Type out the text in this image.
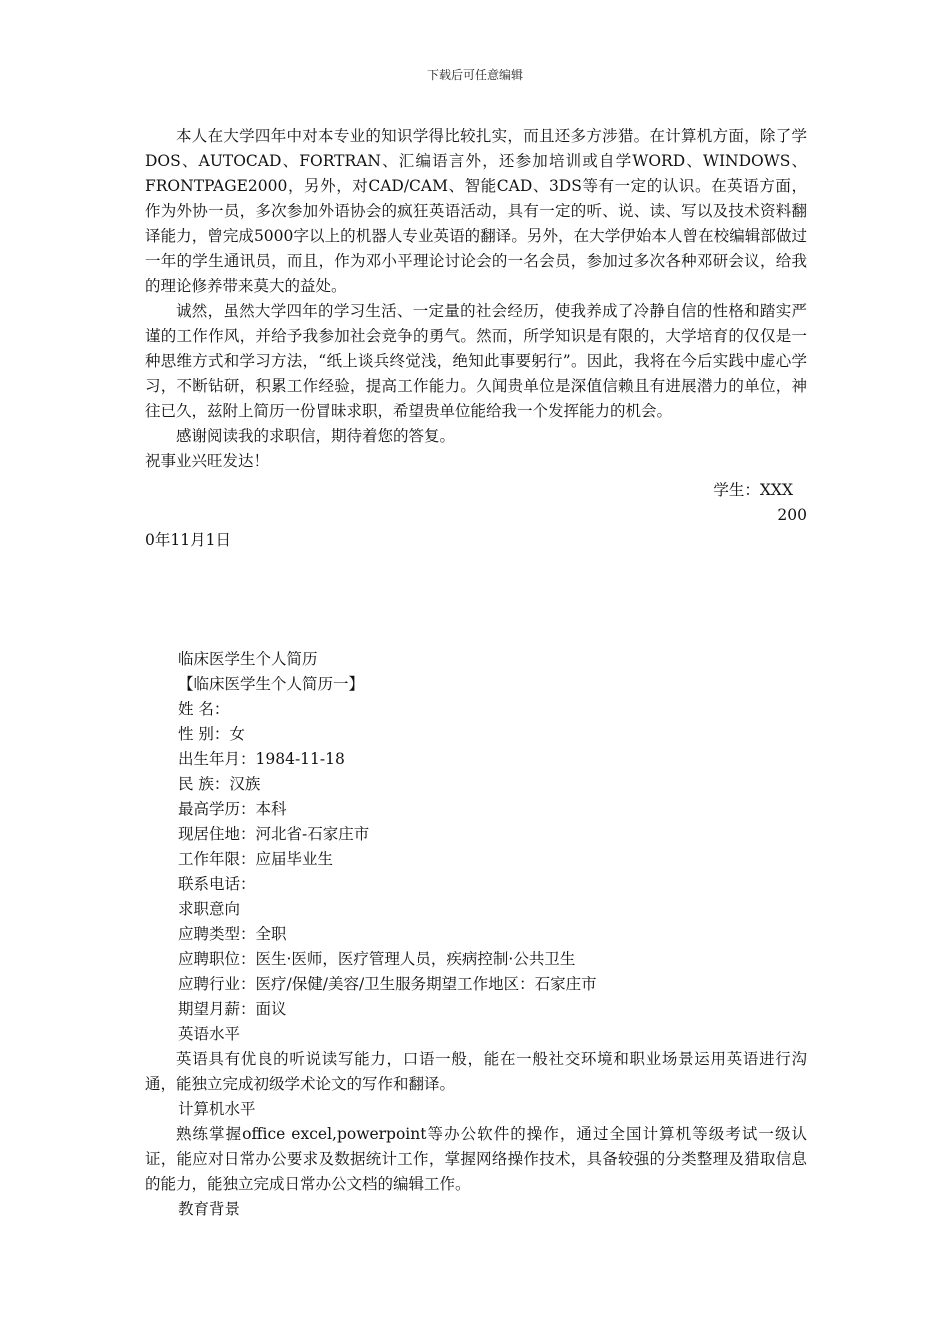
下载后可任意编辑

本人在大学四年中对本专业的知识学得比较扎实，而且还多方涉猎。在计算机方面，除了学DOS、AUTOCAD、FORTRAN、汇编语言外，还参加培训或自学WORD、WINDOWS、FRONTPAGE2000，另外，对CAD/CAM、智能CAD、3DS等有一定的认识。在英语方面，作为外协一员，多次参加外语协会的疯狂英语活动，具有一定的听、说、读、写以及技术资料翻译能力，曾完成5000字以上的机器人专业英语的翻译。另外，在大学伊始本人曾在校编辑部做过一年的学生通讯员，而且，作为邓小平理论讨论会的一名会员，参加过多次各种邓研会议，给我的理论修养带来莫大的益处。

诚然，虽然大学四年的学习生活、一定量的社会经历，使我养成了冷静自信的性格和踏实严谨的工作作风，并给予我参加社会竞争的勇气。然而，所学知识是有限的，大学培育的仅仅是一种思维方式和学习方法，“纸上谈兵终觉浅，绝知此事要躬行”。因此，我将在今后实践中虚心学习，不断钻研，积累工作经验，提高工作能力。久闻贵单位是深值信赖且有进展潜力的单位，神往已久，兹附上简历一份冒昧求职，希望贵单位能给我一个发挥能力的机会。

感谢阅读我的求职信，期待着您的答复。

祝事业兴旺发达！

学生：XXX

200

0年11月1日

临床医学生个人简历

【临床医学生个人简历一】

姓 名：

性 别：女

出生年月：1984-11-18

民 族：汉族

最高学历：本科

现居住地：河北省-石家庄市

工作年限：应届毕业生

联系电话：

求职意向

应聘类型：全职

应聘职位：医生·医师，医疗管理人员，疾病控制·公共卫生

应聘行业：医疗/保健/美容/卫生服务期望工作地区：石家庄市

期望月薪：面议

英语水平

英语具有优良的听说读写能力，口语一般，能在一般社交环境和职业场景运用英语进行沟通，能独立完成初级学术论文的写作和翻译。

计算机水平

熟练掌握office excel,powerpoint等办公软件的操作，通过全国计算机等级考试一级认证，能应对日常办公要求及数据统计工作，掌握网络操作技术，具备较强的分类整理及猎取信息的能力，能独立完成日常办公文档的编辑工作。

教育背景
